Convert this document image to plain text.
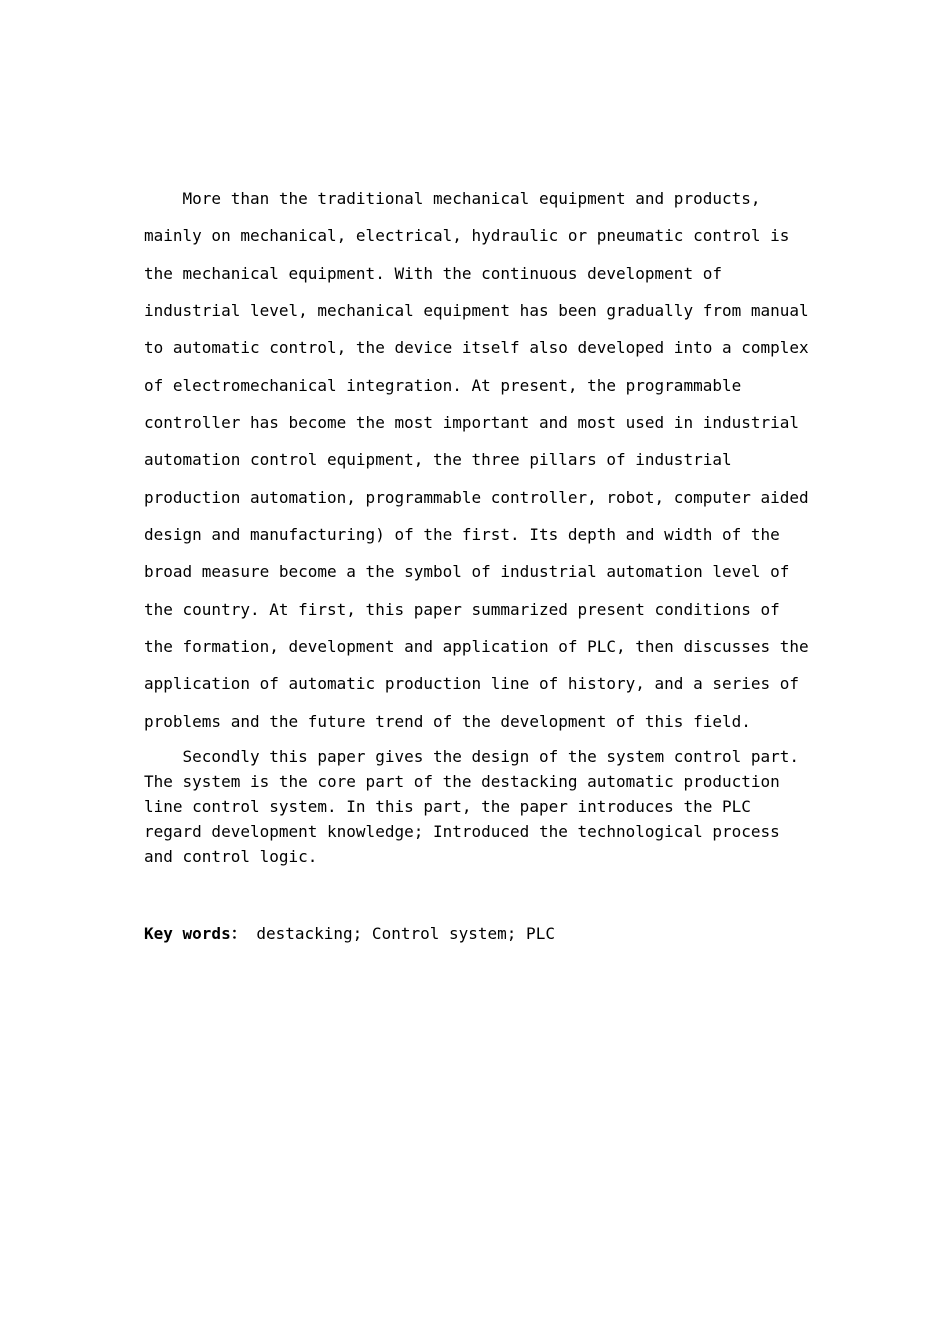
More than the traditional mechanical equipment and products,

mainly on mechanical, electrical, hydraulic or pneumatic control is

the mechanical equipment. With the continuous development of

industrial level, mechanical equipment has been gradually from manual

to automatic control, the device itself also developed into a complex

of electromechanical integration. At present, the programmable

controller has become the most important and most used in industrial

automation control equipment, the three pillars of industrial

production automation, programmable controller, robot, computer aided

design and manufacturing) of the first. Its depth and width of the

broad measure become a the symbol of industrial automation level of

the country. At first, this paper summarized present conditions of

the formation, development and application of PLC, then discusses the

application of automatic production line of history, and a series of

problems and the future trend of the development of this field.

Secondly this paper gives the design of the system control part.

The system is the core part of the destacking automatic production

line control system. In this part, the paper introduces the PLC

regard development knowledge; Introduced the technological process

and control logic.

Key words： destacking; Control system; PLC
